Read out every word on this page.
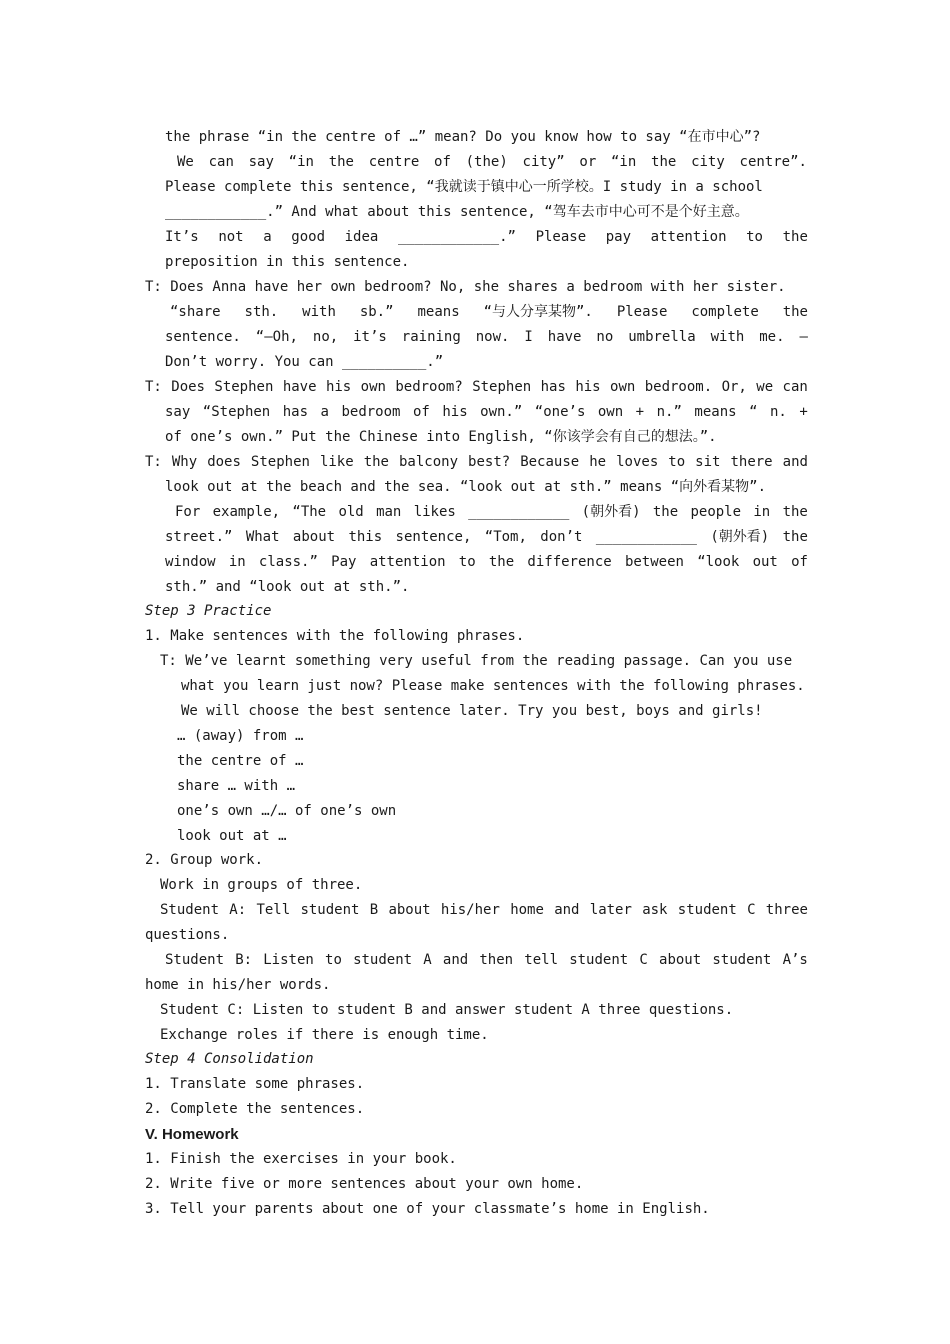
the phrase “in the centre of …” mean? Do you know how to say “在市中心”?
We can say “in the centre of (the) city” or “in the city centre”.
Please complete this sentence, “我就读于镇中心一所学校。I study in a school
____________.” And what about this sentence, “驾车去市中心可不是个好主意。
It’s not a good idea ____________.” Please pay attention to the
preposition in this sentence.
T: Does Anna have her own bedroom? No, she shares a bedroom with her sister.
“share sth. with sb.” means “与人分享某物”. Please complete the
sentence. “—Oh, no, it’s raining now. I have no umbrella with me. —
Don’t worry. You can __________.”
T: Does Stephen have his own bedroom? Stephen has his own bedroom. Or, we can
say “Stephen has a bedroom of his own.” “one’s own + n.” means “ n. +
of one’s own.” Put the Chinese into English, “你该学会有自己的想法。”.
T: Why does Stephen like the balcony best? Because he loves to sit there and
look out at the beach and the sea. “look out at sth.” means “向外看某物”.
For example, “The old man likes ____________ (朝外看) the people in the
street.” What about this sentence, “Tom, don’t ____________ (朝外看) the
window in class.” Pay attention to the difference between “look out of
sth.” and “look out at sth.”.
Step 3 Practice
1. Make sentences with the following phrases.
T: We’ve learnt something very useful from the reading passage. Can you use
what you learn just now? Please make sentences with the following phrases.
We will choose the best sentence later. Try you best, boys and girls!
… (away) from …
the centre of …
share … with …
one’s own …/… of one’s own
look out at …
2. Group work.
Work in groups of three.
Student A: Tell student B about his/her home and later ask student C three
questions.
Student B: Listen to student A and then tell student C about student A’s
home in his/her words.
Student C: Listen to student B and answer student A three questions.
Exchange roles if there is enough time.
Step 4 Consolidation
1. Translate some phrases.
2. Complete the sentences.
V. Homework
1. Finish the exercises in your book.
2. Write five or more sentences about your own home.
3. Tell your parents about one of your classmate’s home in English.
